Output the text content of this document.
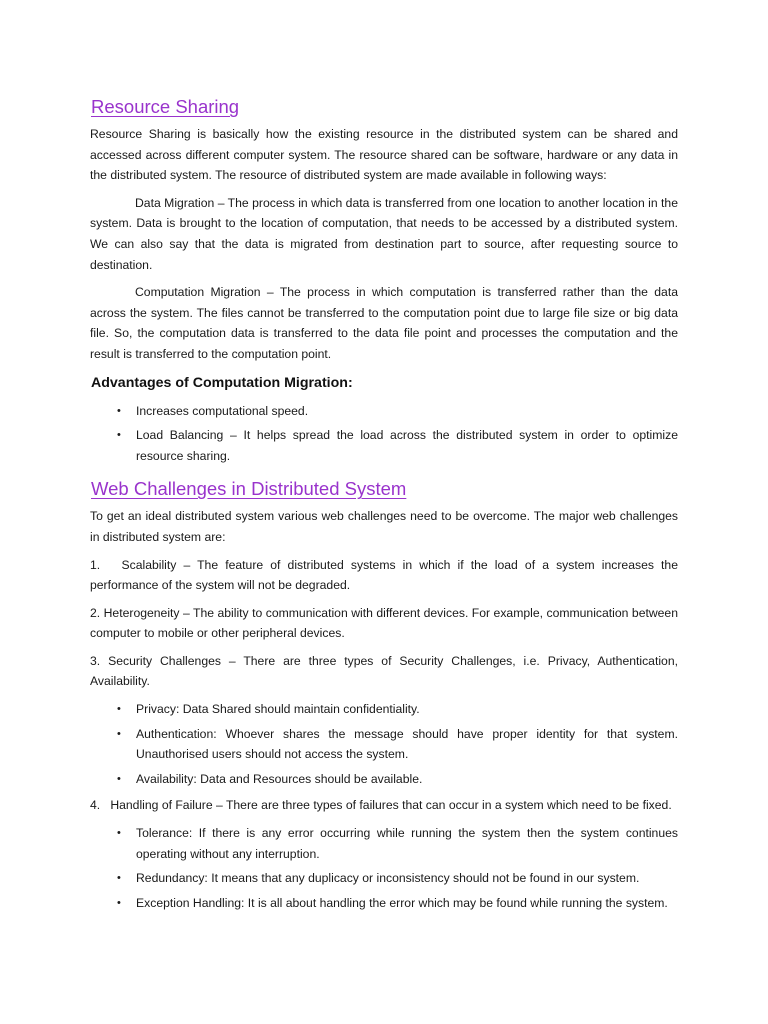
Resource Sharing

Resource Sharing is basically how the existing resource in the distributed system can be shared and accessed across different computer system. The resource shared can be software, hardware or any data in the distributed system. The resource of distributed system are made available in following ways:

Data Migration – The process in which data is transferred from one location to another location in the system. Data is brought to the location of computation, that needs to be accessed by a distributed system. We can also say that the data is migrated from destination part to source, after requesting source to destination.

Computation Migration – The process in which computation is transferred rather than the data across the system. The files cannot be transferred to the computation point due to large file size or big data file. So, the computation data is transferred to the data file point and processes the computation and the result is transferred to the computation point.

Advantages of Computation Migration:
• Increases computational speed.
• Load Balancing – It helps spread the load across the distributed system in order to optimize resource sharing.
Web Challenges in Distributed System

To get an ideal distributed system various web challenges need to be overcome. The major web challenges in distributed system are:

1.   Scalability – The feature of distributed systems in which if the load of a system increases the performance of the system will not be degraded.

2. Heterogeneity – The ability to communication with different devices. For example, communication between computer to mobile or other peripheral devices.

3. Security Challenges – There are three types of Security Challenges, i.e. Privacy, Authentication, Availability.

• Privacy: Data Shared should maintain confidentiality.
• Authentication: Whoever shares the message should have proper identity for that system. Unauthorised users should not access the system.
• Availability: Data and Resources should be available.

4.   Handling of Failure – There are three types of failures that can occur in a system which need to be fixed.

• Tolerance: If there is any error occurring while running the system then the system continues operating without any interruption.
• Redundancy: It means that any duplicacy or inconsistency should not be found in our system.
• Exception Handling: It is all about handling the error which may be found while running the system.
